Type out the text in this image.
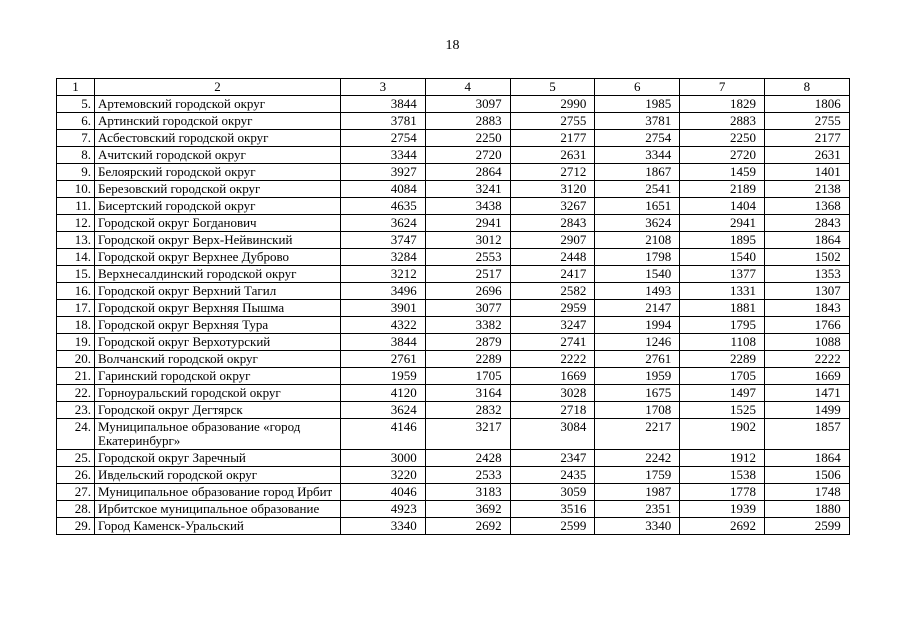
18
1	2	3	4	5	6	7	8
5.	Артемовский городской округ	3844	3097	2990	1985	1829	1806
6.	Артинский городской округ	3781	2883	2755	3781	2883	2755
7.	Асбестовский городской округ	2754	2250	2177	2754	2250	2177
8.	Ачитский городской округ	3344	2720	2631	3344	2720	2631
9.	Белоярский городской округ	3927	2864	2712	1867	1459	1401
10.	Березовский городской округ	4084	3241	3120	2541	2189	2138
11.	Бисертский городской округ	4635	3438	3267	1651	1404	1368
12.	Городской округ Богданович	3624	2941	2843	3624	2941	2843
13.	Городской округ Верх-Нейвинский	3747	3012	2907	2108	1895	1864
14.	Городской округ Верхнее Дуброво	3284	2553	2448	1798	1540	1502
15.	Верхнесалдинский городской округ	3212	2517	2417	1540	1377	1353
16.	Городской округ Верхний Тагил	3496	2696	2582	1493	1331	1307
17.	Городской округ Верхняя Пышма	3901	3077	2959	2147	1881	1843
18.	Городской округ Верхняя Тура	4322	3382	3247	1994	1795	1766
19.	Городской округ Верхотурский	3844	2879	2741	1246	1108	1088
20.	Волчанский городской округ	2761	2289	2222	2761	2289	2222
21.	Гаринский городской округ	1959	1705	1669	1959	1705	1669
22.	Горноуральский городской округ	4120	3164	3028	1675	1497	1471
23.	Городской округ Дегтярск	3624	2832	2718	1708	1525	1499
24.	Муниципальное образование «город Екатеринбург»	4146	3217	3084	2217	1902	1857
25.	Городской округ Заречный	3000	2428	2347	2242	1912	1864
26.	Ивдельский городской округ	3220	2533	2435	1759	1538	1506
27.	Муниципальное образование город Ирбит	4046	3183	3059	1987	1778	1748
28.	Ирбитское муниципальное образование	4923	3692	3516	2351	1939	1880
29.	Город Каменск-Уральский	3340	2692	2599	3340	2692	2599
